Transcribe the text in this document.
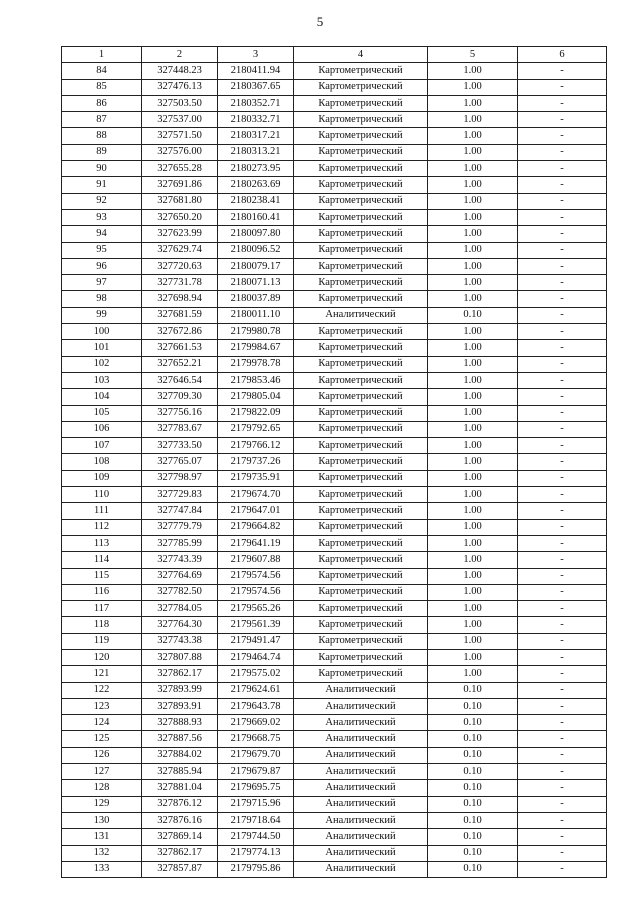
5
1	2	3	4	5	6
84	327448.23	2180411.94	Картометрический	1.00	-
85	327476.13	2180367.65	Картометрический	1.00	-
86	327503.50	2180352.71	Картометрический	1.00	-
87	327537.00	2180332.71	Картометрический	1.00	-
88	327571.50	2180317.21	Картометрический	1.00	-
89	327576.00	2180313.21	Картометрический	1.00	-
90	327655.28	2180273.95	Картометрический	1.00	-
91	327691.86	2180263.69	Картометрический	1.00	-
92	327681.80	2180238.41	Картометрический	1.00	-
93	327650.20	2180160.41	Картометрический	1.00	-
94	327623.99	2180097.80	Картометрический	1.00	-
95	327629.74	2180096.52	Картометрический	1.00	-
96	327720.63	2180079.17	Картометрический	1.00	-
97	327731.78	2180071.13	Картометрический	1.00	-
98	327698.94	2180037.89	Картометрический	1.00	-
99	327681.59	2180011.10	Аналитический	0.10	-
100	327672.86	2179980.78	Картометрический	1.00	-
101	327661.53	2179984.67	Картометрический	1.00	-
102	327652.21	2179978.78	Картометрический	1.00	-
103	327646.54	2179853.46	Картометрический	1.00	-
104	327709.30	2179805.04	Картометрический	1.00	-
105	327756.16	2179822.09	Картометрический	1.00	-
106	327783.67	2179792.65	Картометрический	1.00	-
107	327733.50	2179766.12	Картометрический	1.00	-
108	327765.07	2179737.26	Картометрический	1.00	-
109	327798.97	2179735.91	Картометрический	1.00	-
110	327729.83	2179674.70	Картометрический	1.00	-
111	327747.84	2179647.01	Картометрический	1.00	-
112	327779.79	2179664.82	Картометрический	1.00	-
113	327785.99	2179641.19	Картометрический	1.00	-
114	327743.39	2179607.88	Картометрический	1.00	-
115	327764.69	2179574.56	Картометрический	1.00	-
116	327782.50	2179574.56	Картометрический	1.00	-
117	327784.05	2179565.26	Картометрический	1.00	-
118	327764.30	2179561.39	Картометрический	1.00	-
119	327743.38	2179491.47	Картометрический	1.00	-
120	327807.88	2179464.74	Картометрический	1.00	-
121	327862.17	2179575.02	Картометрический	1.00	-
122	327893.99	2179624.61	Аналитический	0.10	-
123	327893.91	2179643.78	Аналитический	0.10	-
124	327888.93	2179669.02	Аналитический	0.10	-
125	327887.56	2179668.75	Аналитический	0.10	-
126	327884.02	2179679.70	Аналитический	0.10	-
127	327885.94	2179679.87	Аналитический	0.10	-
128	327881.04	2179695.75	Аналитический	0.10	-
129	327876.12	2179715.96	Аналитический	0.10	-
130	327876.16	2179718.64	Аналитический	0.10	-
131	327869.14	2179744.50	Аналитический	0.10	-
132	327862.17	2179774.13	Аналитический	0.10	-
133	327857.87	2179795.86	Аналитический	0.10	-
